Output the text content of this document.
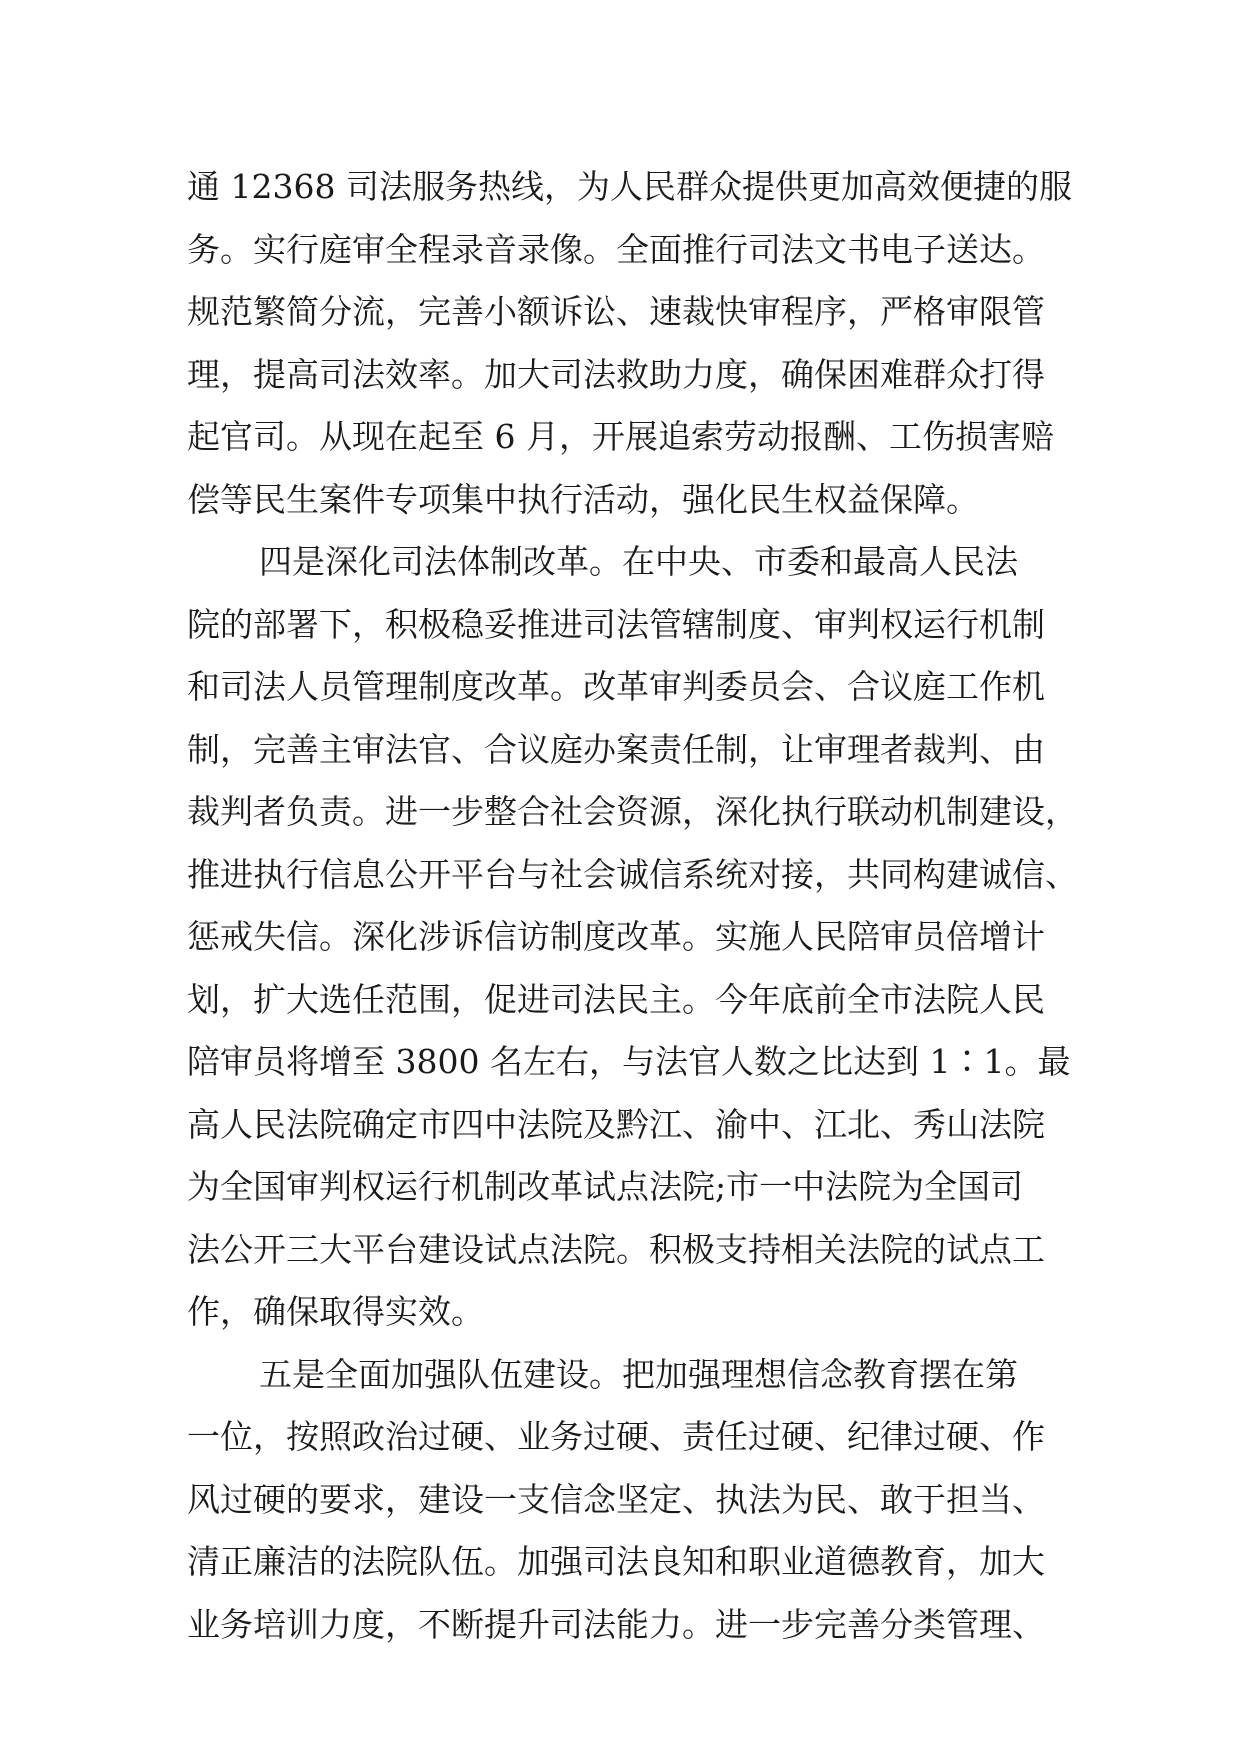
通 12368 司法服务热线，为人民群众提供更加高效便捷的服
务。实行庭审全程录音录像。全面推行司法文书电子送达。
规范繁简分流，完善小额诉讼、速裁快审程序，严格审限管
理，提高司法效率。加大司法救助力度，确保困难群众打得
起官司。从现在起至 6 月，开展追索劳动报酬、工伤损害赔
偿等民生案件专项集中执行活动，强化民生权益保障。
四是深化司法体制改革。在中央、市委和最高人民法
院的部署下，积极稳妥推进司法管辖制度、审判权运行机制
和司法人员管理制度改革。改革审判委员会、合议庭工作机
制，完善主审法官、合议庭办案责任制，让审理者裁判、由
裁判者负责。进一步整合社会资源，深化执行联动机制建设，
推进执行信息公开平台与社会诚信系统对接，共同构建诚信、
惩戒失信。深化涉诉信访制度改革。实施人民陪审员倍增计
划，扩大选任范围，促进司法民主。今年底前全市法院人民
陪审员将增至 3800 名左右，与法官人数之比达到 1∶1。最
高人民法院确定市四中法院及黔江、渝中、江北、秀山法院
为全国审判权运行机制改革试点法院;市一中法院为全国司
法公开三大平台建设试点法院。积极支持相关法院的试点工
作，确保取得实效。
五是全面加强队伍建设。把加强理想信念教育摆在第
一位，按照政治过硬、业务过硬、责任过硬、纪律过硬、作
风过硬的要求，建设一支信念坚定、执法为民、敢于担当、
清正廉洁的法院队伍。加强司法良知和职业道德教育，加大
业务培训力度，不断提升司法能力。进一步完善分类管理、
